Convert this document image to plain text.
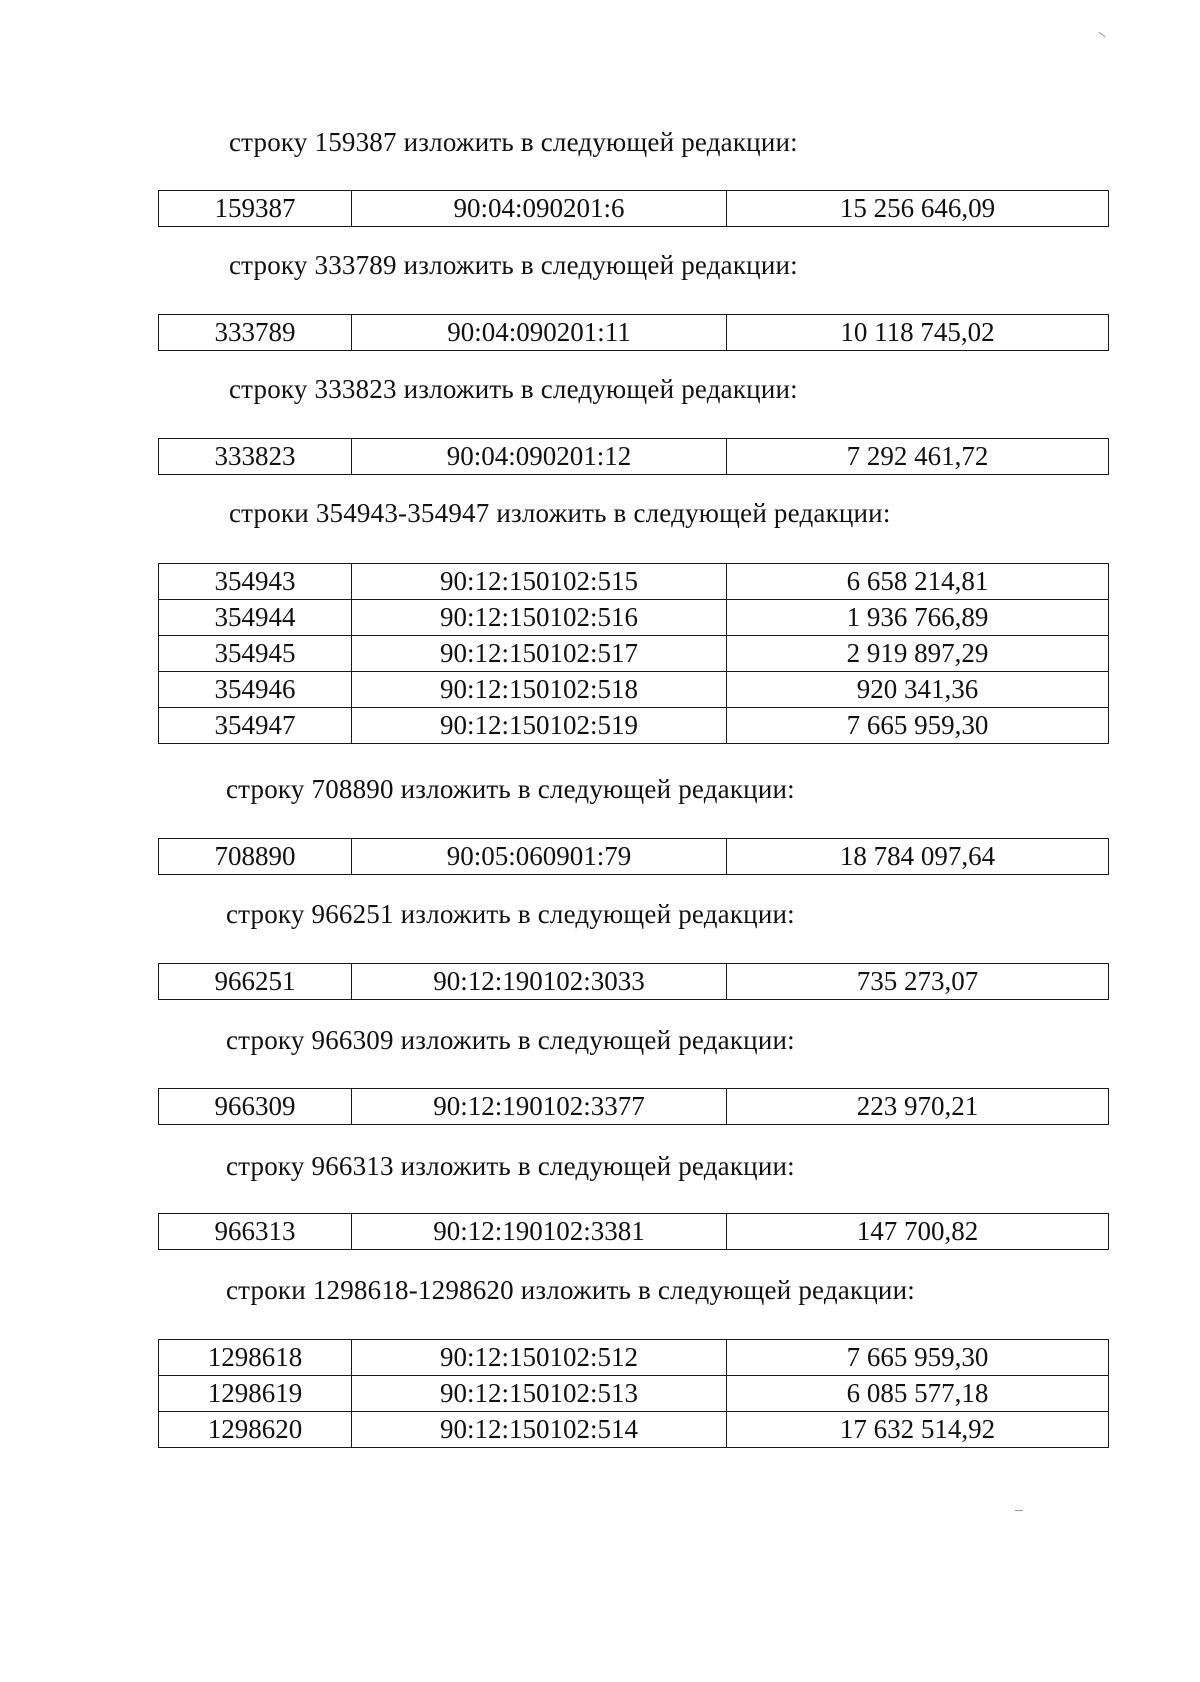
строку 159387 изложить в следующей редакции:
159387	90:04:090201:6	15 256 646,09
строку 333789 изложить в следующей редакции:
333789	90:04:090201:11	10 118 745,02
строку 333823 изложить в следующей редакции:
333823	90:04:090201:12	7 292 461,72
строки 354943-354947 изложить в следующей редакции:
354943	90:12:150102:515	6 658 214,81
354944	90:12:150102:516	1 936 766,89
354945	90:12:150102:517	2 919 897,29
354946	90:12:150102:518	920 341,36
354947	90:12:150102:519	7 665 959,30
строку 708890 изложить в следующей редакции:
708890	90:05:060901:79	18 784 097,64
строку 966251 изложить в следующей редакции:
966251	90:12:190102:3033	735 273,07
строку 966309 изложить в следующей редакции:
966309	90:12:190102:3377	223 970,21
строку 966313 изложить в следующей редакции:
966313	90:12:190102:3381	147 700,82
строки 1298618-1298620 изложить в следующей редакции:
1298618	90:12:150102:512	7 665 959,30
1298619	90:12:150102:513	6 085 577,18
1298620	90:12:150102:514	17 632 514,92
